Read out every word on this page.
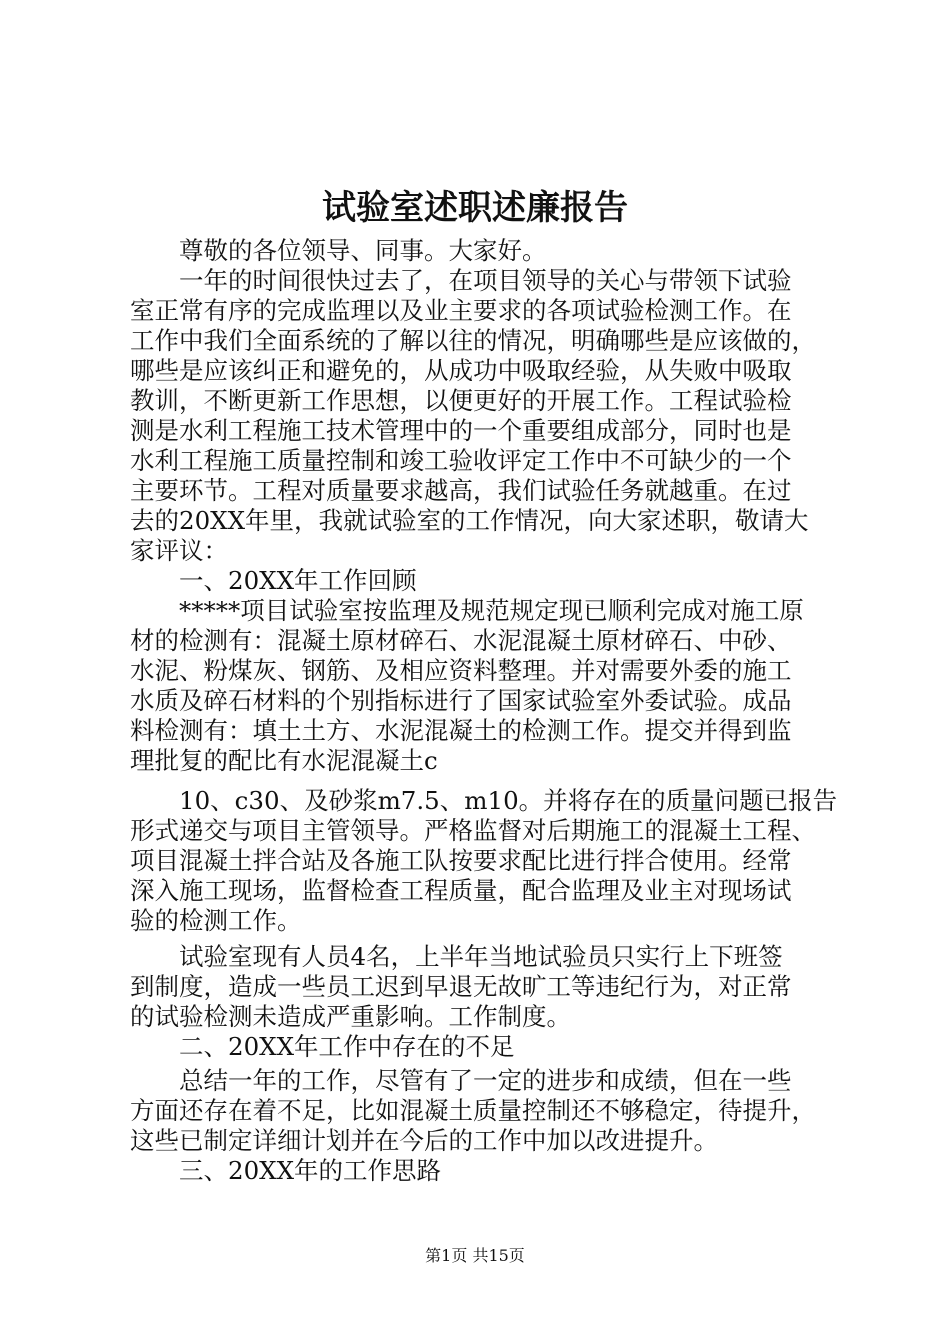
试验室述职述廉报告
　　尊敬的各位领导、同事。大家好。
　　一年的时间很快过去了，在项目领导的关心与带领下试验
室正常有序的完成监理以及业主要求的各项试验检测工作。在
工作中我们全面系统的了解以往的情况，明确哪些是应该做的，
哪些是应该纠正和避免的，从成功中吸取经验，从失败中吸取
教训，不断更新工作思想，以便更好的开展工作。工程试验检
测是水利工程施工技术管理中的一个重要组成部分，同时也是
水利工程施工质量控制和竣工验收评定工作中不可缺少的一个
主要环节。工程对质量要求越高，我们试验任务就越重。在过
去的20XX年里，我就试验室的工作情况，向大家述职，敬请大
家评议：
　　一、20XX年工作回顾
　　*****项目试验室按监理及规范规定现已顺利完成对施工原
材的检测有：混凝土原材碎石、水泥混凝土原材碎石、中砂、
水泥、粉煤灰、钢筋、及相应资料整理。并对需要外委的施工
水质及碎石材料的个别指标进行了国家试验室外委试验。成品
料检测有：填土土方、水泥混凝土的检测工作。提交并得到监
理批复的配比有水泥混凝土c
　　10、c30、及砂浆m7.5、m10。并将存在的质量问题已报告
形式递交与项目主管领导。严格监督对后期施工的混凝土工程、
项目混凝土拌合站及各施工队按要求配比进行拌合使用。经常
深入施工现场，监督检查工程质量，配合监理及业主对现场试
验的检测工作。
　　试验室现有人员4名，上半年当地试验员只实行上下班签
到制度，造成一些员工迟到早退无故旷工等违纪行为，对正常
的试验检测未造成严重影响。工作制度。
　　二、20XX年工作中存在的不足
　　总结一年的工作，尽管有了一定的进步和成绩，但在一些
方面还存在着不足，比如混凝土质量控制还不够稳定，待提升，
这些已制定详细计划并在今后的工作中加以改进提升。
　　三、20XX年的工作思路
第1页 共15页
